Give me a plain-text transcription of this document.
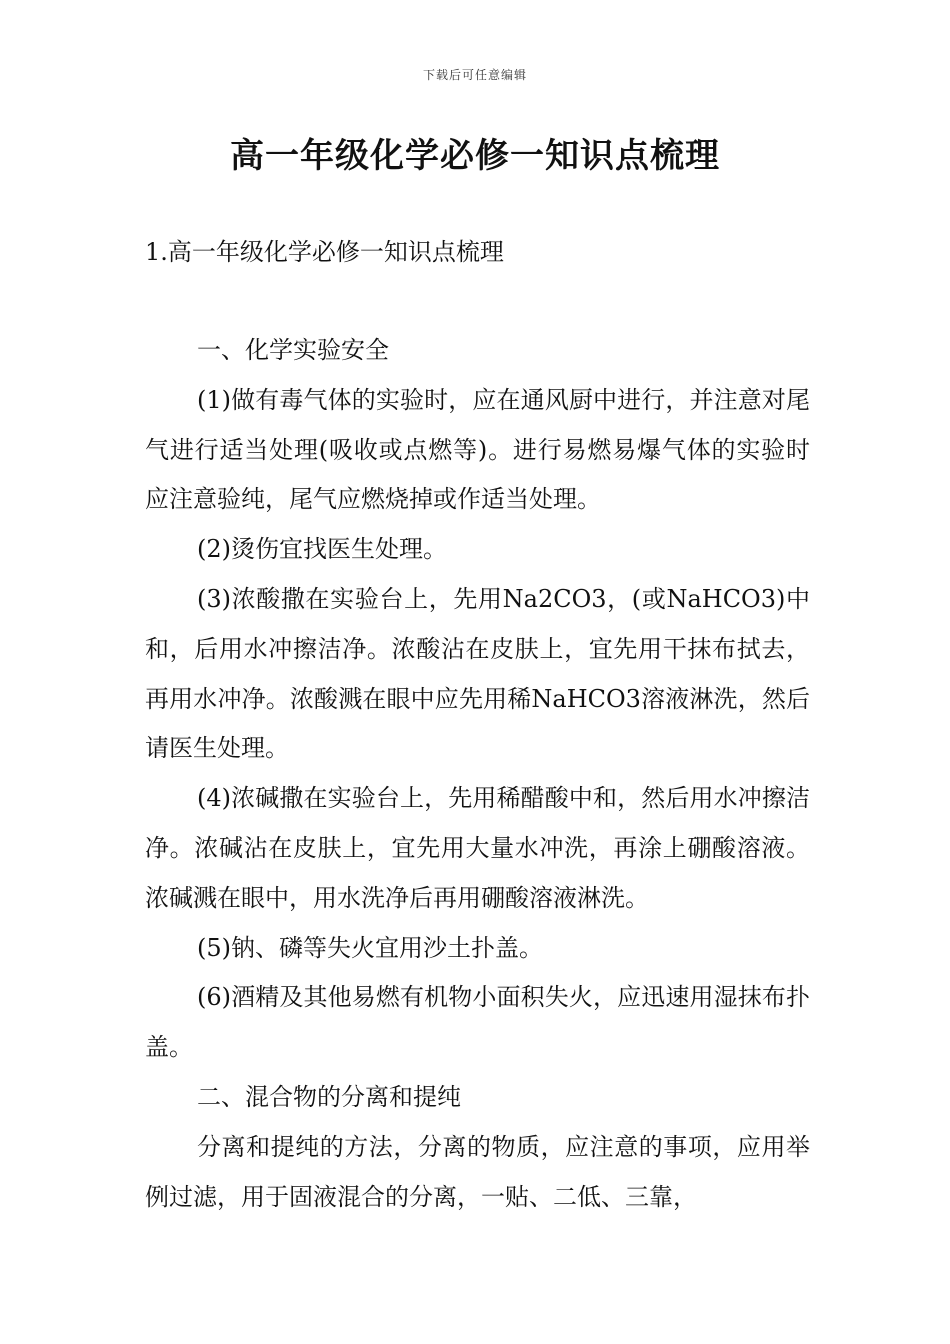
下载后可任意编辑
高一年级化学必修一知识点梳理
1.高一年级化学必修一知识点梳理

一、化学实验安全

(1)做有毒气体的实验时，应在通风厨中进行，并注意对尾气进行适当处理(吸收或点燃等)。进行易燃易爆气体的实验时应注意验纯，尾气应燃烧掉或作适当处理。

(2)烫伤宜找医生处理。

(3)浓酸撒在实验台上，先用Na2CO3，(或NaHCO3)中和，后用水冲擦洁净。浓酸沾在皮肤上，宜先用干抹布拭去，再用水冲净。浓酸溅在眼中应先用稀NaHCO3溶液淋洗，然后请医生处理。

(4)浓碱撒在实验台上，先用稀醋酸中和，然后用水冲擦洁净。浓碱沾在皮肤上，宜先用大量水冲洗，再涂上硼酸溶液。浓碱溅在眼中，用水洗净后再用硼酸溶液淋洗。

(5)钠、磷等失火宜用沙土扑盖。

(6)酒精及其他易燃有机物小面积失火，应迅速用湿抹布扑盖。

二、混合物的分离和提纯

分离和提纯的方法，分离的物质，应注意的事项，应用举例过滤，用于固液混合的分离，一贴、二低、三靠，
